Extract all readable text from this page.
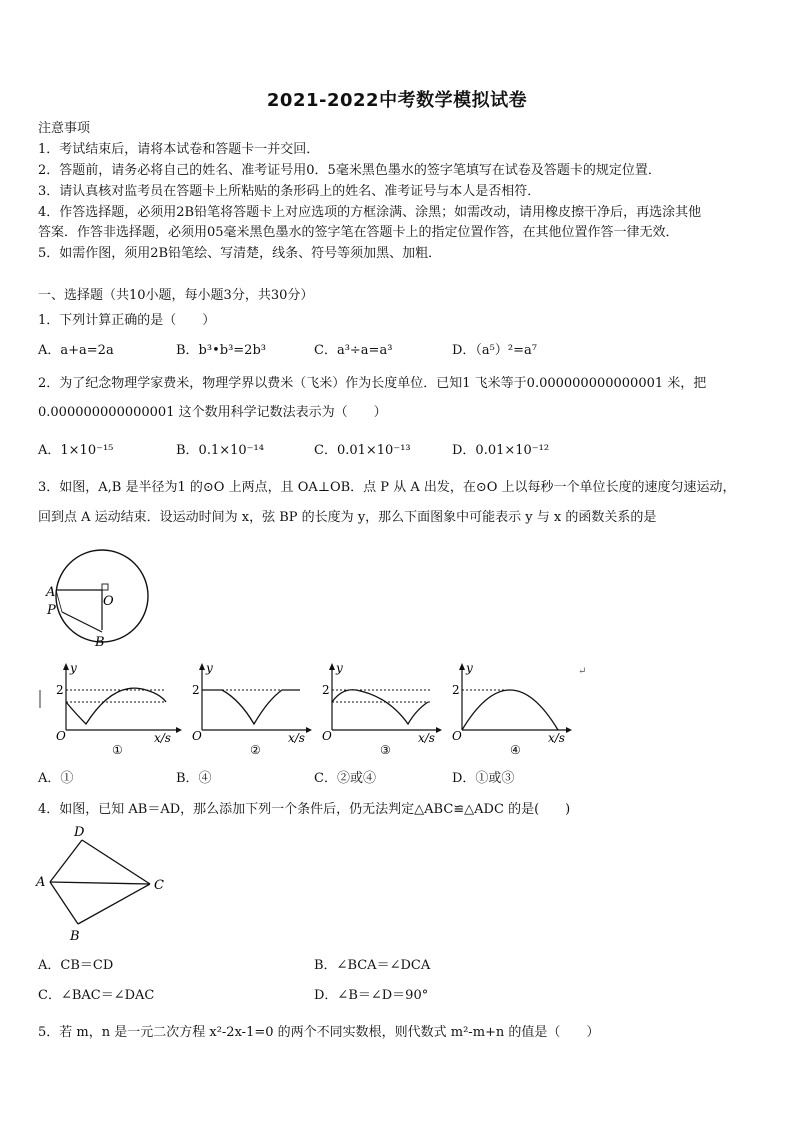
2021-2022中考数学模拟试卷
注意事项
1．考试结束后，请将本试卷和答题卡一并交回．
2．答题前，请务必将自己的姓名、准考证号用0．5毫米黑色墨水的签字笔填写在试卷及答题卡的规定位置．
3．请认真核对监考员在答题卡上所粘贴的条形码上的姓名、准考证号与本人是否相符．
4．作答选择题，必须用2B铅笔将答题卡上对应选项的方框涂满、涂黑；如需改动，请用橡皮擦干净后，再选涂其他
答案．作答非选择题，必须用05毫米黑色墨水的签字笔在答题卡上的指定位置作答，在其他位置作答一律无效．
5．如需作图，须用2B铅笔绘、写清楚，线条、符号等须加黑、加粗．
一、选择题（共10小题，每小题3分，共30分）
1．下列计算正确的是（　　）
A．a+a=2a	B．b³•b³=2b³	C．a³÷a=a³	D．（a⁵）²=a⁷
2．为了纪念物理学家费米，物理学界以费米（飞米）作为长度单位．已知1 飞米等于0.000000000000001 米，把
0.000000000000001 这个数用科学记数法表示为（　　）
A．1×10⁻¹⁵	B．0.1×10⁻¹⁴	C．0.01×10⁻¹³	D．0.01×10⁻¹²
3．如图，A,B 是半径为1 的⊙O 上两点，且 OA⊥OB．点 P 从 A 出发，在⊙O 上以每秒一个单位长度的速度匀速运动，
回到点 A 运动结束．设运动时间为 x，弦 BP 的长度为 y，那么下面图象中可能表示 y 与 x 的函数关系的是
A
P
O
B
y
2
O	x/s
①
y
2
O	x/s
②
y
2
O	x/s
③
y
2
O	x/s
④
↵
A．①	B．④	C．②或④	D．①或③
4．如图，已知 AB＝AD，那么添加下列一个条件后，仍无法判定△ABC≌△ADC 的是(　　)
D
A	C
B
A．CB＝CD	B．∠BCA＝∠DCA
C．∠BAC＝∠DAC	D．∠B＝∠D＝90°
5．若 m，n 是一元二次方程 x²-2x-1=0 的两个不同实数根，则代数式 m²-m+n 的值是（　　）
